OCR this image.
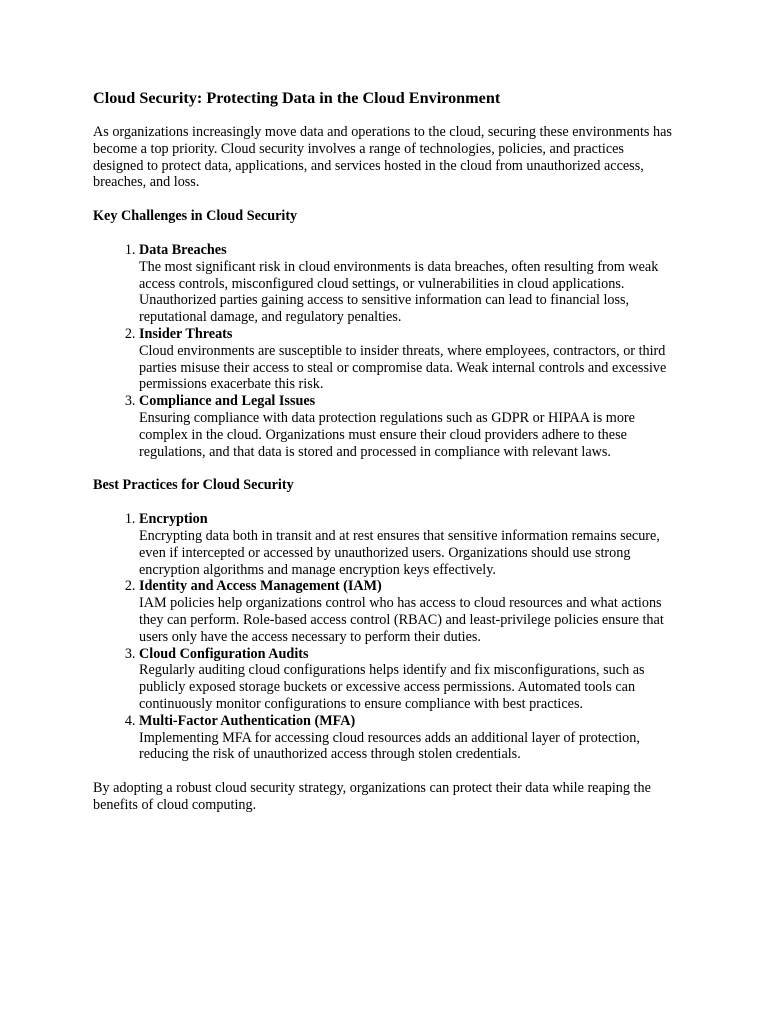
Cloud Security: Protecting Data in the Cloud Environment

As organizations increasingly move data and operations to the cloud, securing these environments has become a top priority. Cloud security involves a range of technologies, policies, and practices designed to protect data, applications, and services hosted in the cloud from unauthorized access, breaches, and loss.

Key Challenges in Cloud Security
1. Data Breaches
The most significant risk in cloud environments is data breaches, often resulting from weak access controls, misconfigured cloud settings, or vulnerabilities in cloud applications. Unauthorized parties gaining access to sensitive information can lead to financial loss, reputational damage, and regulatory penalties.
2. Insider Threats
Cloud environments are susceptible to insider threats, where employees, contractors, or third parties misuse their access to steal or compromise data. Weak internal controls and excessive permissions exacerbate this risk.
3. Compliance and Legal Issues
Ensuring compliance with data protection regulations such as GDPR or HIPAA is more complex in the cloud. Organizations must ensure their cloud providers adhere to these regulations, and that data is stored and processed in compliance with relevant laws.
Best Practices for Cloud Security
1. Encryption
Encrypting data both in transit and at rest ensures that sensitive information remains secure, even if intercepted or accessed by unauthorized users. Organizations should use strong encryption algorithms and manage encryption keys effectively.
2. Identity and Access Management (IAM)
IAM policies help organizations control who has access to cloud resources and what actions they can perform. Role-based access control (RBAC) and least-privilege policies ensure that users only have the access necessary to perform their duties.
3. Cloud Configuration Audits
Regularly auditing cloud configurations helps identify and fix misconfigurations, such as publicly exposed storage buckets or excessive access permissions. Automated tools can continuously monitor configurations to ensure compliance with best practices.
4. Multi-Factor Authentication (MFA)
Implementing MFA for accessing cloud resources adds an additional layer of protection, reducing the risk of unauthorized access through stolen credentials.

By adopting a robust cloud security strategy, organizations can protect their data while reaping the benefits of cloud computing.
